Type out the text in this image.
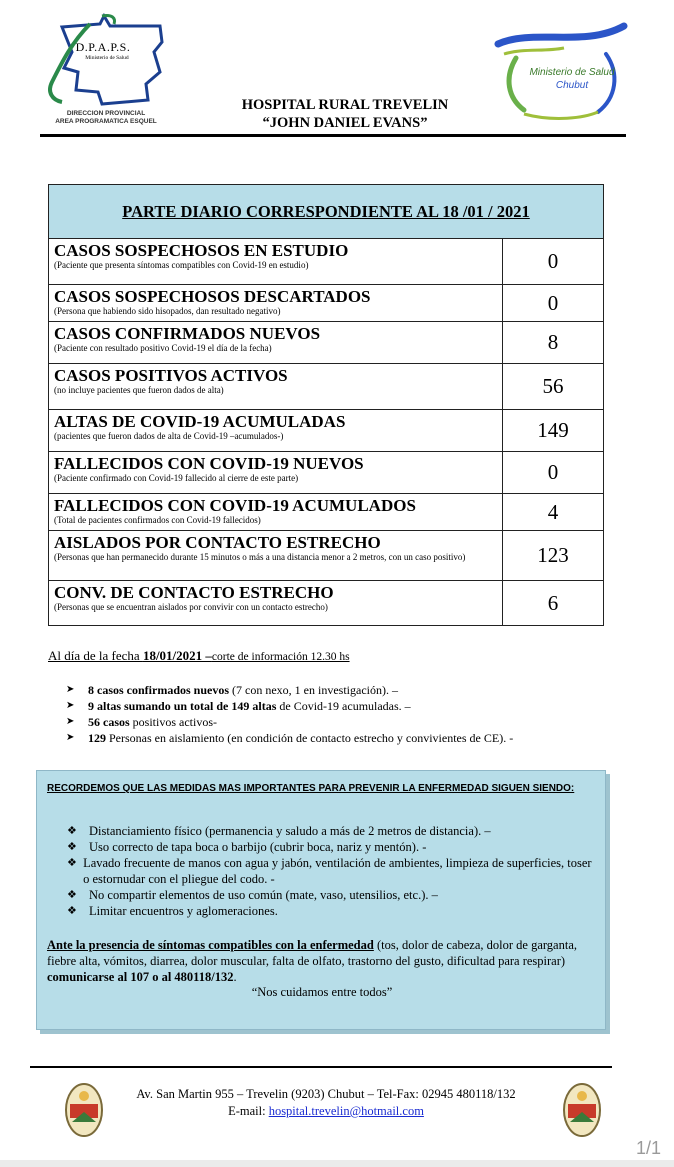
D.P.A.P.S.
Ministerio de Salud
DIRECCION PROVINCIAL
AREA PROGRAMATICA ESQUEL
Ministerio de Salud
Chubut
HOSPITAL RURAL TREVELIN
“JOHN DANIEL EVANS”
PARTE DIARIO CORRESPONDIENTE AL 18 /01 / 2021
CASOS SOSPECHOSOS EN ESTUDIO
(Paciente que presenta síntomas compatibles con Covid-19 en estudio)	0
CASOS SOSPECHOSOS DESCARTADOS
(Persona que habiendo sido hisopados, dan resultado negativo)	0
CASOS CONFIRMADOS NUEVOS
(Paciente con resultado positivo Covid-19 el día de la fecha)	8
CASOS POSITIVOS ACTIVOS
(no incluye pacientes que fueron dados de alta)	56
ALTAS DE COVID-19 ACUMULADAS
(pacientes que fueron dados de alta de Covid-19 –acumulados-)	149
FALLECIDOS CON COVID-19 NUEVOS
(Paciente confirmado con Covid-19 fallecido al cierre de este parte)	0
FALLECIDOS CON COVID-19 ACUMULADOS
(Total de pacientes confirmados con Covid-19 fallecidos)	4
AISLADOS POR CONTACTO ESTRECHO
(Personas que han permanecido durante 15 minutos o más a una distancia menor a 2 metros, con un caso positivo)	123
CONV. DE CONTACTO ESTRECHO
(Personas que se encuentran aislados por convivir con un contacto estrecho)	6
Al día de la fecha 18/01/2021 –corte de información 12.30 hs
➤	8 casos confirmados nuevos (7 con nexo, 1 en investigación). –
➤	9 altas sumando un total de 149 altas de Covid-19 acumuladas. –
➤	56 casos positivos activos-
➤	129 Personas en aislamiento (en condición de contacto estrecho y convivientes de CE). -
RECORDEMOS QUE LAS MEDIDAS MAS IMPORTANTES PARA PREVENIR LA ENFERMEDAD SIGUEN SIENDO:
❖ Distanciamiento físico (permanencia y saludo a más de 2 metros de distancia). –
❖ Uso correcto de tapa boca o barbijo (cubrir boca, nariz y mentón). -
❖ Lavado frecuente de manos con agua y jabón, ventilación de ambientes, limpieza de superficies, toser o estornudar con el pliegue del codo. -
❖ No compartir elementos de uso común (mate, vaso, utensilios, etc.). –
❖ Limitar encuentros y aglomeraciones.
Ante la presencia de síntomas compatibles con la enfermedad (tos, dolor de cabeza, dolor de garganta, fiebre alta, vómitos, diarrea, dolor muscular, falta de olfato, trastorno del gusto, dificultad para respirar) comunicarse al 107 o al 480118/132.
“Nos cuidamos entre todos”
Av. San Martin 955 – Trevelin (9203) Chubut – Tel-Fax: 02945 480118/132
E-mail: hospital.trevelin@hotmail.com
1/1
